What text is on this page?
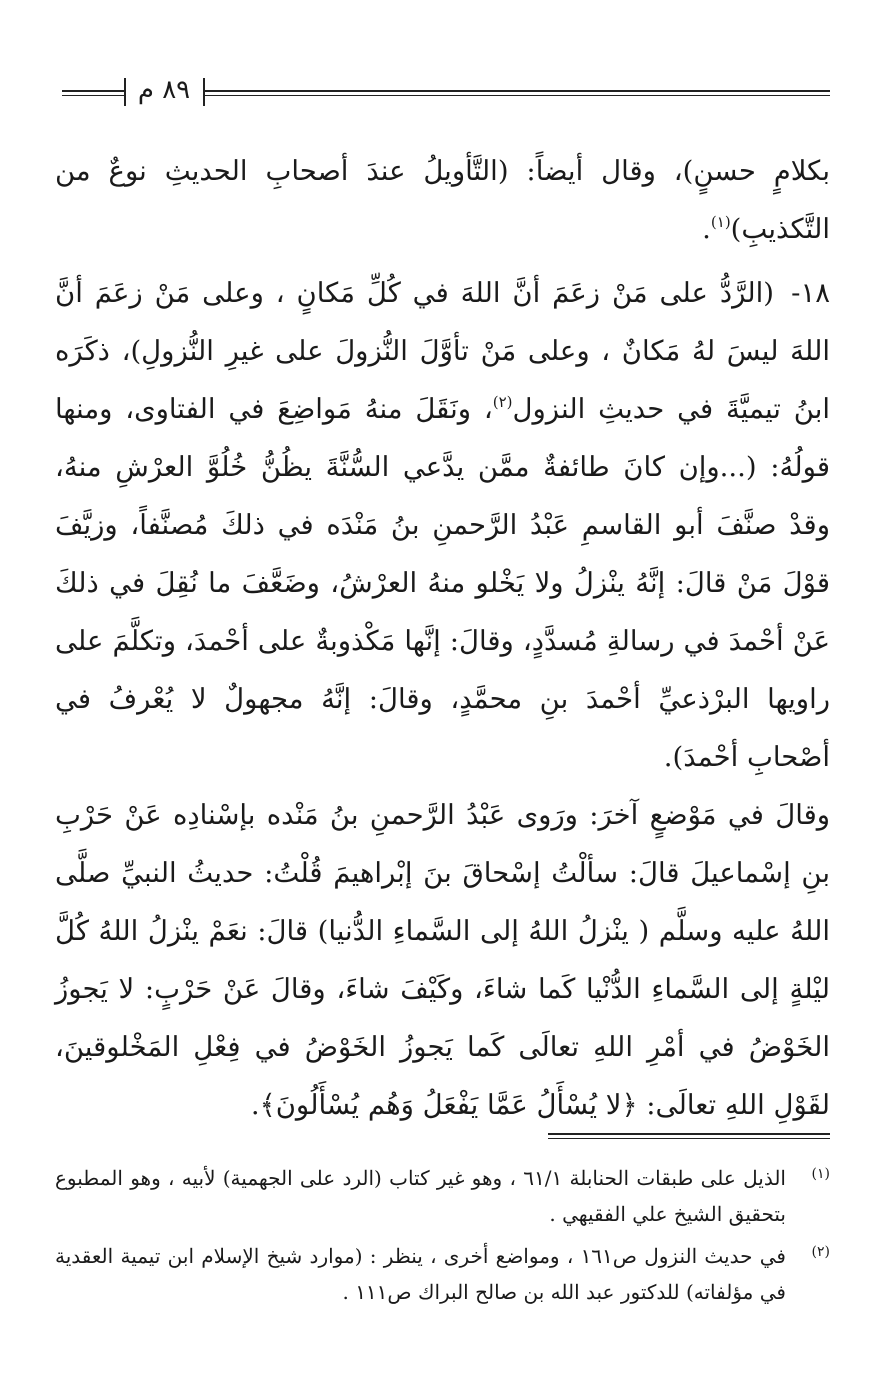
٨٩ م

بكلامٍ حسنٍ)، وقال أيضاً: (التَّأويلُ عندَ أصحابِ الحديثِ نوعٌ من التَّكذيبِ)$^{(١)}$.

١٨-
(الرَّدُّ على مَنْ زعَمَ أنَّ اللهَ في كُلِّ مَكانٍ ، وعلى مَنْ زعَمَ أنَّ اللهَ ليسَ لهُ مَكانٌ ، وعلى مَنْ تأوَّلَ النُّزولَ على غيرِ النُّزولِ)، ذكَرَه ابنُ تيميَّةَ في حديثِ النزول$^{(٢)}$، ونَقَلَ منهُ مَواضِعَ في الفتاوى، ومنها قولُهُ: (...وإن كانَ طائفةٌ ممَّن يدَّعي السُّنَّةَ يظُنُّ خُلُوَّ العرْشِ منهُ، وقدْ صنَّفَ أبو القاسمِ عَبْدُ الرَّحمنِ بنُ مَنْدَه في ذلكَ مُصنَّفاً، وزيَّفَ قوْلَ مَنْ قالَ: إنَّهُ ينْزلُ ولا يَخْلو منهُ العرْشُ، وضَعَّفَ ما نُقِلَ في ذلكَ عَنْ أحْمدَ في رسالةِ مُسدَّدٍ، وقالَ: إنَّها مَكْذوبةٌ على أحْمدَ، وتكلَّمَ على راويها البرْذعيِّ أحْمدَ بنِ محمَّدٍ، وقالَ: إنَّهُ مجهولٌ لا يُعْرفُ في أصْحابِ أحْمدَ).

وقالَ في مَوْضعٍ آخرَ: ورَوى عَبْدُ الرَّحمنِ بنُ مَنْده بإسْنادِه عَنْ حَرْبِ بنِ إسْماعيلَ قالَ: سألْتُ إسْحاقَ بنَ إبْراهيمَ قُلْتُ: حديثُ النبيِّ صلَّى اللهُ عليه وسلَّم ( ينْزلُ اللهُ إلى السَّماءِ الدُّنيا) قالَ: نعَمْ ينْزلُ اللهُ كُلَّ ليْلةٍ إلى السَّماءِ الدُّنْيا كَما شاءَ، وكَيْفَ شاءَ، وقالَ عَنْ حَرْبٍ: لا يَجوزُ الخَوْضُ في أمْرِ اللهِ تعالَى كَما يَجوزُ الخَوْضُ في فِعْلِ المَخْلوقينَ، لقَوْلِ اللهِ تعالَى: ﴿لا يُسْأَلُ عَمَّا يَفْعَلُ وَهُم يُسْأَلُونَ﴾.

(١)
الذيل على طبقات الحنابلة ٦١/١ ، وهو غير كتاب (الرد على الجهمية) لأبيه ، وهو المطبوع بتحقيق الشيخ علي الفقيهي .

(٢)
في حديث النزول ص١٦١ ، ومواضع أخرى ، ينظر : (موارد شيخ الإسلام ابن تيمية العقدية في مؤلفاته) للدكتور عبد الله بن صالح البراك ص١١١ .
